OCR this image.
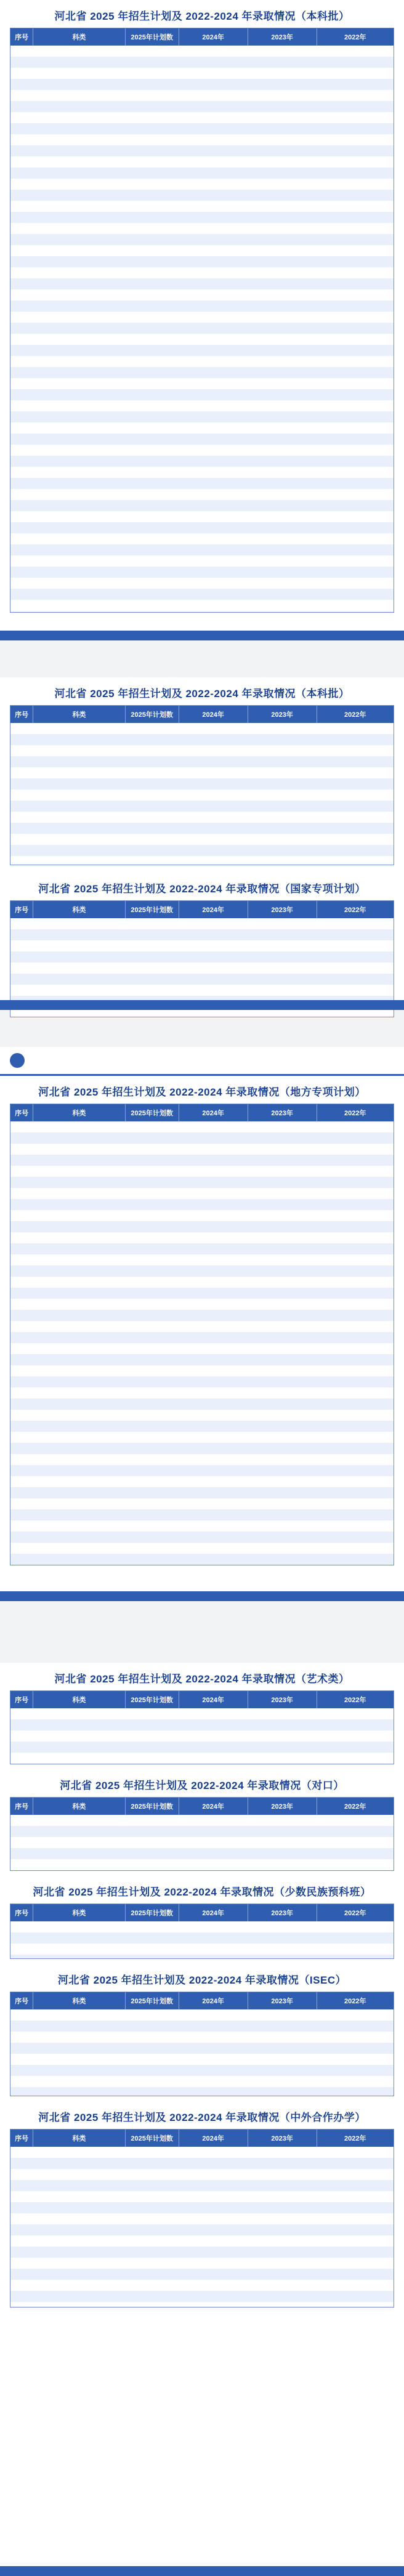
河北省 2025 年招生计划及 2022-2024 年录取情况（本科批）
序号	科类	2025年计划数	2024年	2023年	2022年
河北省 2025 年招生计划及 2022-2024 年录取情况（本科批）
序号	科类	2025年计划数	2024年	2023年	2022年
河北省 2025 年招生计划及 2022-2024 年录取情况（国家专项计划）
序号	科类	2025年计划数	2024年	2023年	2022年
河北省 2025 年招生计划及 2022-2024 年录取情况（地方专项计划）
序号	科类	2025年计划数	2024年	2023年	2022年
河北省 2025 年招生计划及 2022-2024 年录取情况（艺术类）
序号	科类	2025年计划数	2024年	2023年	2022年
河北省 2025 年招生计划及 2022-2024 年录取情况（对口）
序号	科类	2025年计划数	2024年	2023年	2022年
河北省 2025 年招生计划及 2022-2024 年录取情况（少数民族预科班）
序号	科类	2025年计划数	2024年	2023年	2022年
河北省 2025 年招生计划及 2022-2024 年录取情况（ISEC）
序号	科类	2025年计划数	2024年	2023年	2022年
河北省 2025 年招生计划及 2022-2024 年录取情况（中外合作办学）
序号	科类	2025年计划数	2024年	2023年	2022年
